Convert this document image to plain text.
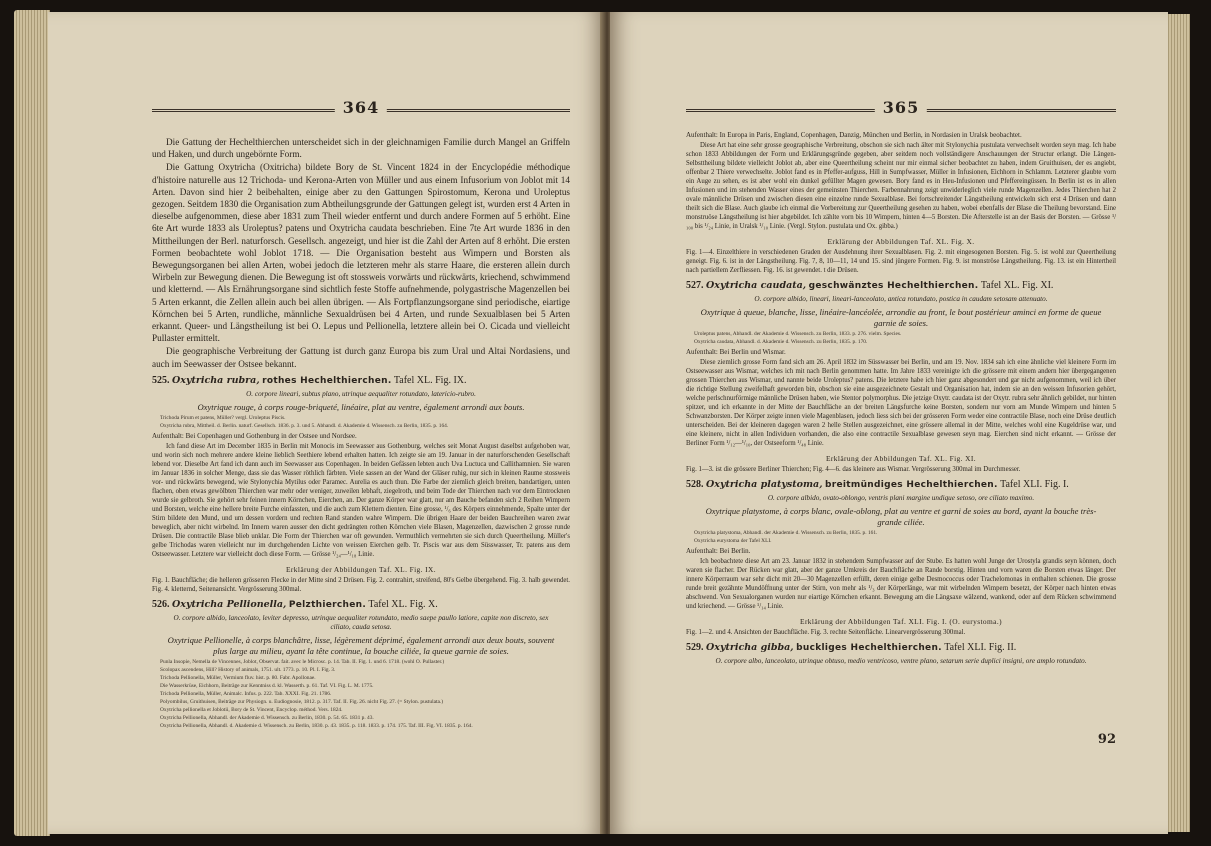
364

Die Gattung der Hechelthierchen unterscheidet sich in der gleichnamigen Familie durch Mangel an Griffeln und Haken, und durch ungebörnte Form.

Die Gattung Oxytricha (Oxitricha) bildete Bory de St. Vincent 1824 in der Encyclopédie méthodique d'histoire naturelle aus 12 Trichoda- und Kerona-Arten von Müller und aus einem Infusorium von Joblot mit 14 Arten. Davon sind hier 2 beibehalten, einige aber zu den Gattungen Spirostomum, Kerona und Uroleptus gezogen. Seitdem 1830 die Organisation zum Abtheilungsgrunde der Gattungen gelegt ist, wurden erst 4 Arten in dieselbe aufgenommen, diese aber 1831 zum Theil wieder entfernt und durch andere Formen auf 5 erhöht. Eine 6te Art wurde 1833 als Uroleptus? patens und Oxytricha caudata beschrieben. Eine 7te Art wurde 1836 in den Mittheilungen der Berl. naturforsch. Gesellsch. angezeigt, und hier ist die Zahl der Arten auf 8 erhöht. Die ersten Formen beobachtete wohl Joblot 1718. — Die Organisation besteht aus Wimpern und Borsten als Bewegungsorganen bei allen Arten, wobei jedoch die letzteren mehr als starre Haare, die ersteren allein durch Wirbeln zur Bewegung dienen. Die Bewegung ist oft stossweis vorwärts und rückwärts, kriechend, schwimmend und kletternd. — Als Ernährungsorgane sind sichtlich feste Stoffe aufnehmende, polygastrische Magenzellen bei 5 Arten erkannt, die Zellen allein auch bei allen übrigen. — Als Fortpflanzungsorgane sind periodische, eiartige Körnchen bei 5 Arten, rundliche, männliche Sexualdrüsen bei 4 Arten, und runde Sexualblasen bei 5 Arten erkannt. Queer- und Längstheilung ist bei O. Lepus und Pellionella, letztere allein bei O. Cicada und vielleicht Pullaster ermittelt.

Die geographische Verbreitung der Gattung ist durch ganz Europa bis zum Ural und Altai Nordasiens, und auch im Seewasser der Ostsee bekannt.

525. Oxytricha rubra, rothes Hechelthierchen. Tafel XL. Fig. IX.

O. corpore lineari, subtus plano, utrinque aequaliter rotundato, latericio-rubro.

Oxytrique rouge, à corps rouge-briqueté, linéaire, plat au ventre, également arrondi aux bouts.

Trichoda Pirum et patens, Müller? vergl. Uroleptus Piscis.

Oxytricha rubra, Mittheil. d. Berlin. naturf. Gesellsch. 1836. p. 3. und 5. Abhandl. d. Akademie d. Wissensch. zu Berlin, 1835. p. 164.

Aufenthalt: Bei Copenhagen und Gothenburg in der Ostsee und Nordsee.

Ich fand diese Art im December 1835 in Berlin mit Monocis im Seewasser aus Gothenburg, welches seit Monat August daselbst aufgehoben war, und worin sich noch mehrere andere kleine lieblich Seethiere lebend erhalten hatten. Ich zeigte sie am 19. Januar in der naturforschenden Gesellschaft lebend vor. Dieselbe Art fand ich dann auch im Seewasser aus Copenhagen. In beiden Gefässen lebten auch Uva Luctuca und Callithamnien. Sie waren im Januar 1836 in solcher Menge, dass sie das Wasser röthlich färbten. Viele sassen an der Wand der Gläser ruhig, nur sich in kleinen Raume stossweis vor- und rückwärts bewegend, wie Stylonychia Mytilus oder Paramec. Aurelia es auch thun. Die Farbe der ziemlich gleich breiten, bandartigen, unten flachen, oben etwas gewölbten Thierchen war mehr oder weniger, zuweilen lebhaft, ziegelroth, und beim Tode der Thierchen nach vor dem Eintrocknen wurde sie gelbroth. Sie gehört sehr feinen innern Körnchen, Eierchen, an. Der ganze Körper war glatt, nur am Bauche befanden sich 2 Reihen Wimpern und Borsten, welche eine hellere breite Furche einfassten, und die auch zum Klettern dienten. Eine grosse, ¹/₆ des Körpers einnehmende, Spalte unter der Stirn bildete den Mund, und um dessen vordern und rechten Rand standen wahre Wimpern. Die übrigen Haare der beiden Bauchreihen waren zwar beweglich, aber nicht wirbelnd. Im Innern waren ausser den dicht gedrängten rothen Körnchen viele Blasen, Magenzellen, dazwischen 2 grosse runde Drüsen. Die contractile Blase blieb unklar. Die Form der Thierchen war oft gewunden. Vermuthlich vermehrten sie sich durch Queertheilung. Müller's gelbe Trichodas waren vielleicht nur im durchgehenden Lichte von weissen Eierchen gelb. Tr. Piscis war aus dem Süsswasser, Tr. patens aus dem Ostseewasser. Letztere war vielleicht doch diese Form. — Grösse ¹/₂₄—¹/₁₈ Linie.

Erklärung der Abbildungen Taf. XL. Fig. IX.

Fig. 1. Bauchfläche; die helleren grösseren Flecke in der Mitte sind 2 Drüsen. Fig. 2. contrahirt, streifend, 80's Gelbe übergehend. Fig. 3. halb gewendet. Fig. 4. kletternd, Seitenansicht. Vergrösserung 300mal.

526. Oxytricha Pellionella, Pelzthierchen. Tafel XL. Fig. X.

O. corpore albido, lanceolato, leviter depresso, utrinque aequaliter rotundato, medio saepe paullo latiore, capite non discreto, sex ciliato, cauda setosa.

Oxytrique Pellionelle, à corps blanchâtre, lisse, légèrement déprimé, également arrondi aux deux bouts, souvent plus large au milieu, ayant la tête continue, la bouche ciliée, la queue garnie de soies.

Punla Insopie, Nemella de Vincennes, Joblot, Observat. fait. avec le Microsc. p. 14. Tab. II. Fig. 1. und 6. 1718. (wohl O. Pullaster.)

Scolopax ascendens, Hill? History of animals, 1751. ult. 1773. p. 10. Pl. I. Fig. 3.

Trichoda Pellionella, Müller, Vermium fluv. hist. p. 80. Fabr. Apollonae.

Die Wasserkrüse, Eichhorn, Beiträge zur Kenntniss d. kl. Wasserth. p. 61. Taf. VI. Fig. L. M. 1775.

Trichoda Pellionella, Müller, Animalc. Infus. p. 222. Tab. XXXI. Fig. 21. 1786.

Polyombilus, Gruithuisen, Beiträge zur Physiogn. u. Eudiognosie, 1812. p. 317. Taf. II. Fig. 26. nicht Fig. 27. (= Stylon. pustulata.)

Oxytricha pellionella et Joblotii, Bory de St. Vincent, Encyclop. méthod. Vers. 1824.

Oxytricha Pellionella, Abhandl. der Akademie d. Wissensch. zu Berlin, 1830. p. 54. 65. 1831 p. 43.

Oxytricha Pellionella, Abhandl. d. Akademie d. Wissensch. zu Berlin, 1830. p. 43. 1835. p. 118. 1833. p. 174. 175. Taf. III. Fig. VI. 1835. p. 164.

365

Aufenthalt: In Europa in Paris, England, Copenhagen, Danzig, München und Berlin, in Nordasien in Uralsk beobachtet.

Diese Art hat eine sehr grosse geographische Verbreitung, obschon sie sich nach älter mit Stylonychia pustulata verwechselt worden seyn mag. Ich habe schon 1833 Abbildungen der Form und Erklärungsgründe gegeben, aber seitdem noch vollständigere Anschauungen der Structur erlangt. Die Längen-Selbsttheilung bildete vielleicht Joblot ab, aber eine Queertheilung scheint nur mir einmal sicher beobachtet zu haben, indem Gruithuisen, der es angiebt, offenbar 2 Thiere verwechselte. Joblot fand es in Pfeffer-aufguss, Hill in Sumpfwasser, Müller in Infusionen, Eichhorn in Schlamm. Letzterer glaubte vorn ein Auge zu sehen, es ist aber wohl ein dunkel gefüllter Magen gewesen. Bory fand es in Heu-Infusionen und Pfeffereingüssen. In Berlin ist es in allen Infusionen und im stehenden Wasser eines der gemeinsten Thierchen. Farbennahrung zeigt unwiderleglich viele runde Magenzellen. Jedes Thierchen hat 2 ovale männliche Drüsen und zwischen diesen eine einzelne runde Sexualblase. Bei fortschreitender Längstheilung entwickeln sich erst 4 Drüsen und dann theilt sich die Blase. Auch glaube ich einmal die Vorbereitung zur Queertheilung gesehen zu haben, wobei ebenfalls der Blase die Theilung bevorstand. Eine monstruöse Längstheilung ist hier abgebildet. Ich zählte vorn bis 10 Wimpern, hinten 4—5 Borsten. Die Afterstelle ist an der Basis der Borsten. — Grösse ¹/₁₀₀ bis ¹/₂₄ Linie, in Uralsk ¹/₁₀ Linie. (Vergl. Stylon. pustulata und Ox. gibba.)

Erklärung der Abbildungen Taf. XL. Fig. X.

Fig. 1—4. Einzelthiere in verschiedenen Graden der Ausdehnung ihrer Sexualblasen. Fig. 2. mit eingesogenen Borsten. Fig. 5. ist wohl zur Queertheilung geneigt. Fig. 6. ist in der Längstheilung. Fig. 7, 8, 10—11, 14 und 15. sind jüngere Formen. Fig. 9. ist monströse Längstheilung. Fig. 13. ist ein Hintertheil nach partiellem Zerfliessen. Fig. 16. ist gewendet. t die Drüsen.

527. Oxytricha caudata, geschwänztes Hechelthierchen. Tafel XL. Fig. XI.

O. corpore albido, lineari, lineari-lanceolato, antica rotundato, postica in caudam setosam attenuato.

Oxytrique à queue, blanche, lisse, linéaire-lancéolée, arrondie au front, le bout postérieur aminci en forme de queue garnie de soies.

Uroleptus patens, Abhandl. der Akademie d. Wissensch. zu Berlin, 1833. p. 276. vielm. Species.

Oxytricha caudata, Abhandl. d. Akademie d. Wissensch. zu Berlin, 1835. p. 170.

Aufenthalt: Bei Berlin und Wismar.

Diese ziemlich grosse Form fand sich am 26. April 1832 im Süsswasser bei Berlin, und am 19. Nov. 1834 sah ich eine ähnliche viel kleinere Form im Ostseewasser aus Wismar, welches ich mit nach Berlin genommen hatte. Im Jahre 1833 vereinigte ich die grössere mit einem andern hier übergegangenen grossen Thierchen aus Wismar, und nannte beide Uroleptus? patens. Die letztere habe ich hier ganz abgesondert und gar nicht aufgenommen, weil ich über die richtige Stellung zweifelhaft geworden bin, obschon sie eine ausgezeichnete Gestalt und Organisation hat, indem sie an den weissen Infusorien gehört, welche perlschnurförmige männliche Drüsen haben, wie Stentor polymorphus. Die jetzige Oxytr. caudata ist der Oxytr. rubra sehr ähnlich gebildet, nur hinten spitzer, und ich erkannte in der Mitte der Bauchfläche an der breiten Längsfurche keine Borsten, sondern nur vorn am Munde Wimpern und hinten 5 Schwanzborsten. Der Körper zeigte innen viele Magenblasen, jedoch liess sich bei der grösseren Form weder eine contractile Blase, noch eine Drüse deutlich unterscheiden. Bei der kleineren dagegen waren 2 helle Stellen ausgezeichnet, eine grössere allemal in der Mitte, welches wohl eine Kugeldrüse war, und eine kleinere, nicht in allen Individuen vorhanden, die also eine contractile Sexualblase gewesen seyn mag. Eierchen sind nicht erkannt. — Grösse der Berliner Form ¹/₁₂—¹/₁₀, der Ostseeform ¹/₄₈ Linie.

Erklärung der Abbildungen Taf. XL. Fig. XI.

Fig. 1—3. ist die grössere Berliner Thierchen; Fig. 4—6. das kleinere aus Wismar. Vergrösserung 300mal im Durchmesser.

528. Oxytricha platystoma, breitmündiges Hechelthierchen. Tafel XLI. Fig. I.

O. corpore albido, ovato-oblongo, ventris plani margine undique setoso, ore ciliato maximo.

Oxytrique platystome, à corps blanc, ovale-oblong, plat au ventre et garni de soies au bord, ayant la bouche très-grande ciliée.

Oxytricha platystoma, Abhandl. der Akademie d. Wissensch. zu Berlin, 1835. p. 161.

Oxytricha eurystoma der Tafel XLI.

Aufenthalt: Bei Berlin.

Ich beobachtete diese Art am 23. Januar 1832 in stehendem Sumpfwasser auf der Stube. Es hatten wohl Junge der Urostyla grandis seyn können, doch waren sie flacher. Der Rücken war glatt, aber der ganze Umkreis der Bauchfläche an Rande borstig. Hinten und vorn waren die Borsten etwas länger. Der innere Körperraum war sehr dicht mit 20—30 Magenzellen erfüllt, deren einige gelbe Desmococcus oder Trachelomonas in enthalten schienen. Die grosse runde breit gezähnte Mundöffnung unter der Stirn, von mehr als ¹/₃ der Körperlänge, war mit wirbelnden Wimpern besetzt, der Körper nach hinten etwas abschwend. Von Sexualorganen wurden nur eiartige Körnchen erkannt. Bewegung am die Längsaxe wälzend, wankend, oder auf dem Rücken schwimmend und kriechend. — Grösse ¹/₁₄ Linie.

Erklärung der Abbildungen Taf. XLI. Fig. I. (O. eurystoma.)

Fig. 1—2. und 4. Ansichten der Bauchfläche. Fig. 3. rechte Seitenfläche. Linearvergrösserung 300mal.

529. Oxytricha gibba, buckliges Hechelthierchen. Tafel XLI. Fig. II.

O. corpore albo, lanceolato, utrinque obtuso, medio ventricoso, ventre plano, setarum serie duplici insigni, ore amplo rotundato.

92
